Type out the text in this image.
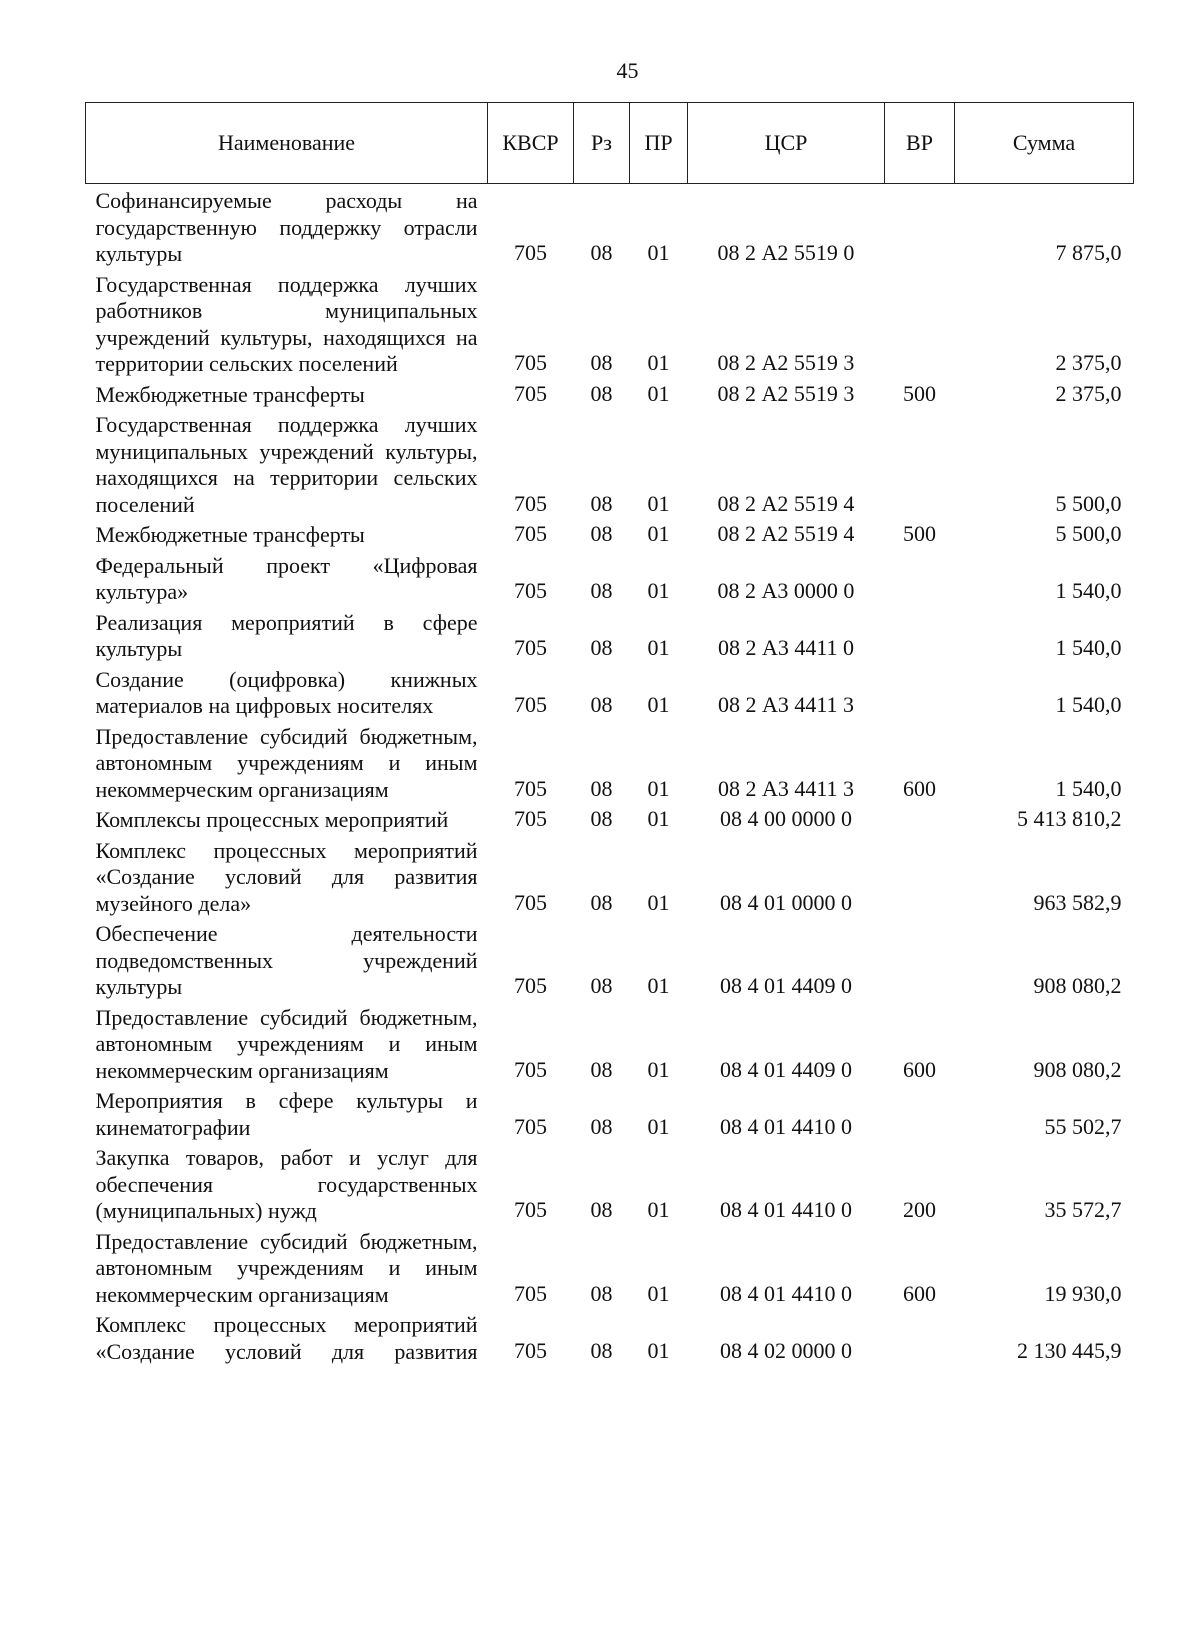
45
Наименование	КВСР	Рз	ПР	ЦСР	ВР	Сумма
Софинансируемые расходы на государственную поддержку отрасли культуры	705	08	01	08 2 А2 5519 0		7 875,0
Государственная поддержка лучших работников муниципальных учреждений культуры, находящихся на территории сельских поселений	705	08	01	08 2 А2 5519 3		2 375,0
Межбюджетные трансферты	705	08	01	08 2 А2 5519 3	500	2 375,0
Государственная поддержка лучших муниципальных учреждений культуры, находящихся на территории сельских поселений	705	08	01	08 2 А2 5519 4		5 500,0
Межбюджетные трансферты	705	08	01	08 2 А2 5519 4	500	5 500,0
Федеральный проект «Цифровая культура»	705	08	01	08 2 А3 0000 0		1 540,0
Реализация мероприятий в сфере культуры	705	08	01	08 2 А3 4411 0		1 540,0
Создание (оцифровка) книжных материалов на цифровых носителях	705	08	01	08 2 А3 4411 3		1 540,0
Предоставление субсидий бюджетным, автономным учреждениям и иным некоммерческим организациям	705	08	01	08 2 А3 4411 3	600	1 540,0
Комплексы процессных мероприятий	705	08	01	08 4 00 0000 0		5 413 810,2
Комплекс процессных мероприятий «Создание условий для развития музейного дела»	705	08	01	08 4 01 0000 0		963 582,9
Обеспечение деятельности подведомственных учреждений культуры	705	08	01	08 4 01 4409 0		908 080,2
Предоставление субсидий бюджетным, автономным учреждениям и иным некоммерческим организациям	705	08	01	08 4 01 4409 0	600	908 080,2
Мероприятия в сфере культуры и кинематографии	705	08	01	08 4 01 4410 0		55 502,7
Закупка товаров, работ и услуг для обеспечения государственных (муниципальных) нужд	705	08	01	08 4 01 4410 0	200	35 572,7
Предоставление субсидий бюджетным, автономным учреждениям и иным некоммерческим организациям	705	08	01	08 4 01 4410 0	600	19 930,0
Комплекс процессных мероприятий «Создание условий для развития	705	08	01	08 4 02 0000 0		2 130 445,9
